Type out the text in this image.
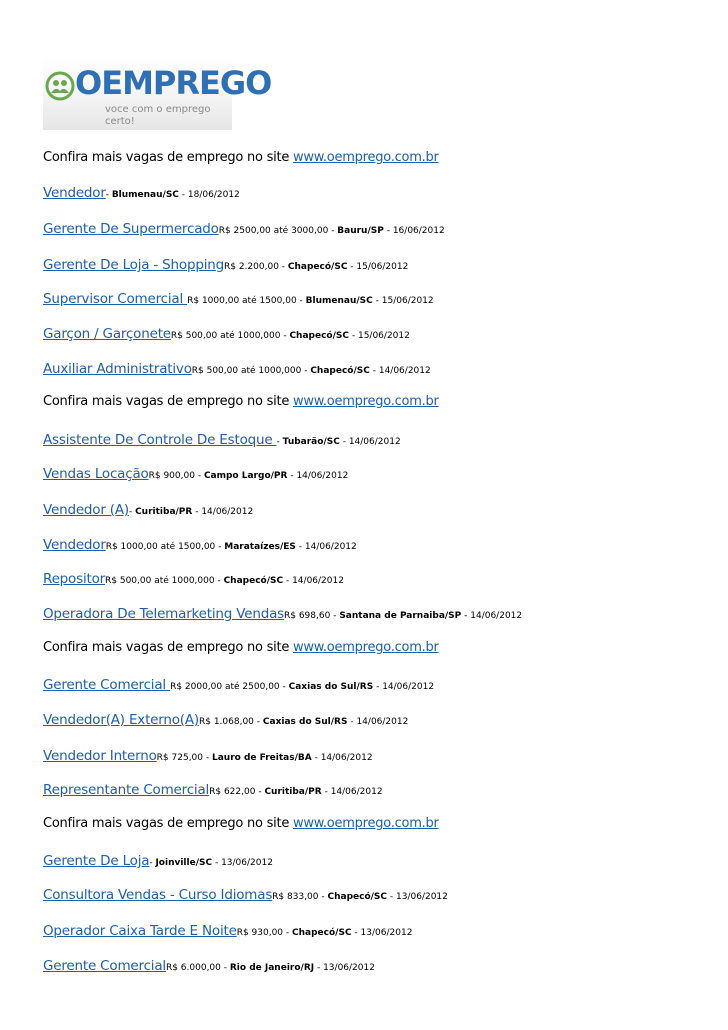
OEMPREGO
voce com o emprego certo!
Confira mais vagas de emprego no site www.oemprego.com.br
Vendedor- Blumenau/SC - 18/06/2012
Gerente De SupermercadoR$ 2500,00 até 3000,00 - Bauru/SP - 16/06/2012
Gerente De Loja - ShoppingR$ 2.200,00 - Chapecó/SC - 15/06/2012
Supervisor Comercial R$ 1000,00 até 1500,00 - Blumenau/SC - 15/06/2012
Garçon / GarçoneteR$ 500,00 até 1000,000 - Chapecó/SC - 15/06/2012
Auxiliar AdministrativoR$ 500,00 até 1000,000 - Chapecó/SC - 14/06/2012
Confira mais vagas de emprego no site www.oemprego.com.br
Assistente De Controle De Estoque - Tubarão/SC - 14/06/2012
Vendas LocaçãoR$ 900,00 - Campo Largo/PR - 14/06/2012
Vendedor (A)- Curitiba/PR - 14/06/2012
VendedorR$ 1000,00 até 1500,00 - Marataízes/ES - 14/06/2012
RepositorR$ 500,00 até 1000,000 - Chapecó/SC - 14/06/2012
Operadora De Telemarketing VendasR$ 698,60 - Santana de Parnaiba/SP - 14/06/2012
Confira mais vagas de emprego no site www.oemprego.com.br
Gerente Comercial R$ 2000,00 até 2500,00 - Caxias do Sul/RS - 14/06/2012
Vendedor(A) Externo(A)R$ 1.068,00 - Caxias do Sul/RS - 14/06/2012
Vendedor InternoR$ 725,00 - Lauro de Freitas/BA - 14/06/2012
Representante ComercialR$ 622,00 - Curitiba/PR - 14/06/2012
Confira mais vagas de emprego no site www.oemprego.com.br
Gerente De Loja- Joinville/SC - 13/06/2012
Consultora Vendas - Curso IdiomasR$ 833,00 - Chapecó/SC - 13/06/2012
Operador Caixa Tarde E NoiteR$ 930,00 - Chapecó/SC - 13/06/2012
Gerente ComercialR$ 6.000,00 - Rio de Janeiro/RJ - 13/06/2012
